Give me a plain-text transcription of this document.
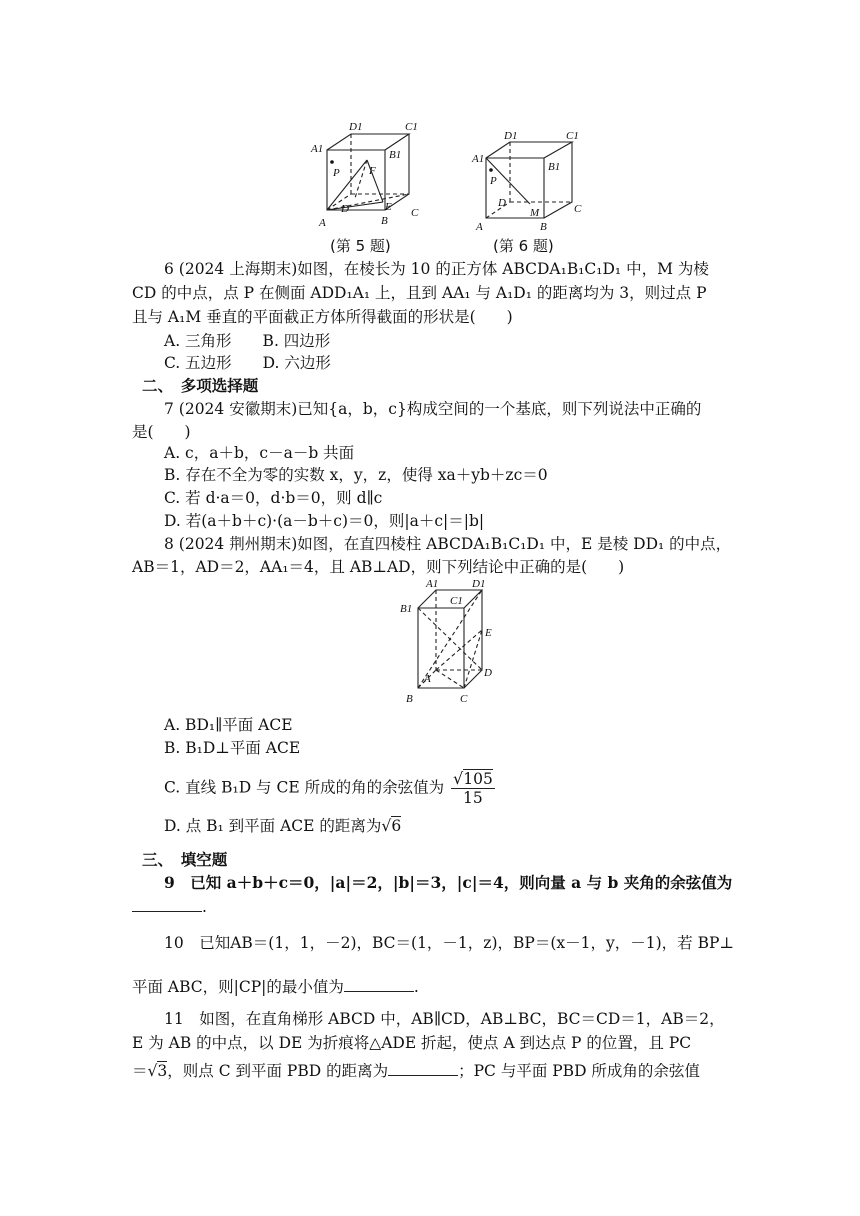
D1	C1
A1	B1
P	F
D	E C
A	B
(第 5 题)
D1	C1
A1
B1
P
D
M	C
A	B
(第 6 题)
6 (2024 上海期末)如图，在棱长为 10 的正方体 ABCDA₁B₁C₁D₁ 中，M 为棱
CD 的中点，点 P 在侧面 ADD₁A₁ 上，且到 AA₁ 与 A₁D₁ 的距离均为 3，则过点 P
且与 A₁M 垂直的平面截正方体所得截面的形状是(　　)
A. 三角形　　B. 四边形
C. 五边形　　D. 六边形
二、　多项选择题
7 (2024 安徽期末)已知{a，b，c}构成空间的一个基底，则下列说法中正确的
是(　　)
A. c，a＋b，c－a－b 共面
B. 存在不全为零的实数 x，y，z，使得 xa＋yb＋zc＝0
C. 若 d·a＝0，d·b＝0，则 d∥c
D. 若(a＋b＋c)·(a－b＋c)＝0，则|a＋c|＝|b|
8 (2024 荆州期末)如图，在直四棱柱 ABCDA₁B₁C₁D₁ 中，E 是棱 DD₁ 的中点，
AB＝1，AD＝2，AA₁＝4，且 AB⊥AD，则下列结论中正确的是(　　)
A1	D1
B1
C1
E
A	D
B	C
A. BD₁∥平面 ACE
B. B₁D⊥平面 ACE
C. 直线 B₁D 与 CE 所成的角的余弦值为 $\frac{√105}{15}$
D. 点 B₁ 到平面 ACE 的距离为√6
三、　填空题
9　已知 a＋b＋c＝0，|a|＝2，|b|＝3，|c|＝4，则向量 a 与 b 夹角的余弦值为
.
10　已知AB＝(1，1，－2)，BC＝(1，－1，z)，BP＝(x－1，y，－1)，若 BP⊥
平面 ABC，则|CP|的最小值为	.
11　如图，在直角梯形 ABCD 中，AB∥CD，AB⊥BC，BC＝CD＝1，AB＝2，
E 为 AB 的中点，以 DE 为折痕将△ADE 折起，使点 A 到达点 P 的位置，且 PC
＝√3，则点 C 到平面 PBD 的距离为	；PC 与平面 PBD 所成角的余弦值
